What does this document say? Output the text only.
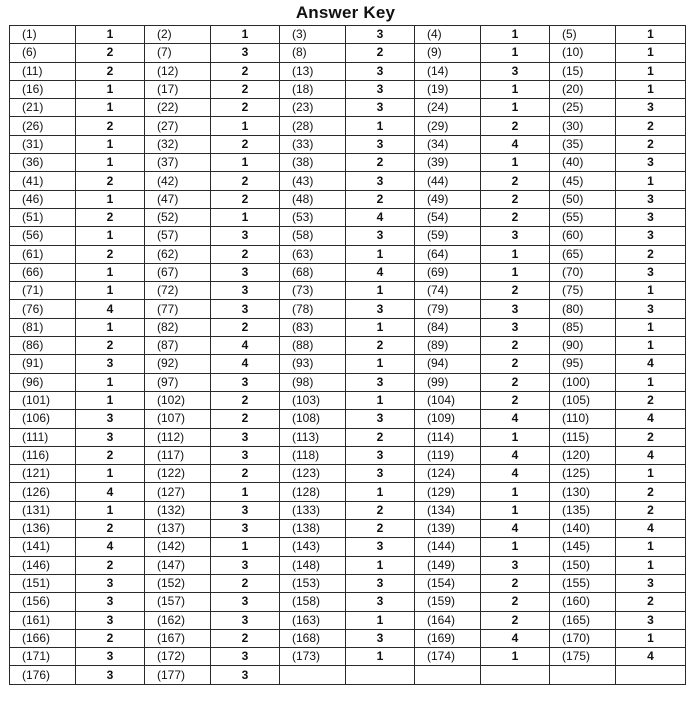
Answer Key
(1)	1	(2)	1	(3)	3	(4)	1	(5)	1
(6)	2	(7)	3	(8)	2	(9)	1	(10)	1
(11)	2	(12)	2	(13)	3	(14)	3	(15)	1
(16)	1	(17)	2	(18)	3	(19)	1	(20)	1
(21)	1	(22)	2	(23)	3	(24)	1	(25)	3
(26)	2	(27)	1	(28)	1	(29)	2	(30)	2
(31)	1	(32)	2	(33)	3	(34)	4	(35)	2
(36)	1	(37)	1	(38)	2	(39)	1	(40)	3
(41)	2	(42)	2	(43)	3	(44)	2	(45)	1
(46)	1	(47)	2	(48)	2	(49)	2	(50)	3
(51)	2	(52)	1	(53)	4	(54)	2	(55)	3
(56)	1	(57)	3	(58)	3	(59)	3	(60)	3
(61)	2	(62)	2	(63)	1	(64)	1	(65)	2
(66)	1	(67)	3	(68)	4	(69)	1	(70)	3
(71)	1	(72)	3	(73)	1	(74)	2	(75)	1
(76)	4	(77)	3	(78)	3	(79)	3	(80)	3
(81)	1	(82)	2	(83)	1	(84)	3	(85)	1
(86)	2	(87)	4	(88)	2	(89)	2	(90)	1
(91)	3	(92)	4	(93)	1	(94)	2	(95)	4
(96)	1	(97)	3	(98)	3	(99)	2	(100)	1
(101)	1	(102)	2	(103)	1	(104)	2	(105)	2
(106)	3	(107)	2	(108)	3	(109)	4	(110)	4
(111)	3	(112)	3	(113)	2	(114)	1	(115)	2
(116)	2	(117)	3	(118)	3	(119)	4	(120)	4
(121)	1	(122)	2	(123)	3	(124)	4	(125)	1
(126)	4	(127)	1	(128)	1	(129)	1	(130)	2
(131)	1	(132)	3	(133)	2	(134)	1	(135)	2
(136)	2	(137)	3	(138)	2	(139)	4	(140)	4
(141)	4	(142)	1	(143)	3	(144)	1	(145)	1
(146)	2	(147)	3	(148)	1	(149)	3	(150)	1
(151)	3	(152)	2	(153)	3	(154)	2	(155)	3
(156)	3	(157)	3	(158)	3	(159)	2	(160)	2
(161)	3	(162)	3	(163)	1	(164)	2	(165)	3
(166)	2	(167)	2	(168)	3	(169)	4	(170)	1
(171)	3	(172)	3	(173)	1	(174)	1	(175)	4
(176)	3	(177)	3						
